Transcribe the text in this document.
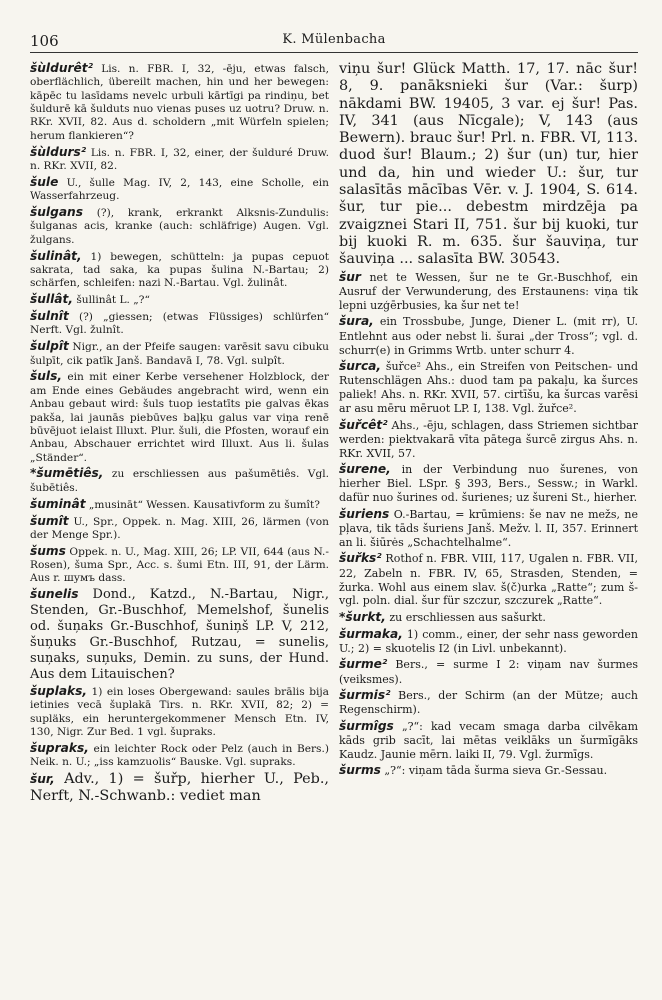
106	K. Mülenbacha

šùldurêt² Lis. n. FBR. I, 32, -ēju, etwas falsch, oberflächlich, übereilt machen, hin und her bewegen: kāpēc tu lasīdams nevelc urbuli kārtīgi pa rindiņu, bet šuldurē kā šulduts nuo vienas puses uz uotru? Druw. n. RKr. XVII, 82. Aus d. scholdern „mit Würfeln spielen; herum flankieren“?

šùldurs² Lis. n. FBR. I, 32, einer, der šulduré Druw. n. RKr. XVII, 82.

šule U., šulle Mag. IV, 2, 143, eine Scholle, ein Wasserfahrzeug.

šulgans (?), krank, erkrankt Alksnis-Zundulis: šulganas acis, kranke (auch: schläfrige) Augen. Vgl. žulgans.

šulinât, 1) bewegen, schütteln: ja pupas cepuot sakrata, tad saka, ka pupas šulina N.-Bartau; 2) schärfen, schleifen: nazi N.-Bartau. Vgl. žulinât.

šullât, šullinât L. „?“

šulnît (?) „giessen; (etwas Flüssiges) schlürfen“ Nerft. Vgl. žulnît.

šulpît Nigr., an der Pfeife saugen: varēsit savu cibuku šulpīt, cik patīk Janš. Bandavā I, 78. Vgl. sulpît.

šuls, ein mit einer Kerbe versehener Holzblock, der am Ende eines Gebäudes angebracht wird, wenn ein Anbau gebaut wird: šuls tuop iestatīts pie galvas ēkas pakša, lai jaunās piebūves baļķu galus var viņa renē būvējuot ielaist Illuxt. Plur. šuli, die Pfosten, worauf ein Anbau, Abschauer errichtet wird Illuxt. Aus li. šulas „Ständer“.

*šumētiês, zu erschliessen aus pašumētiês. Vgl. šubētiês.

šuminât „musināt“ Wessen. Kausativform zu šumît?

šumît U., Spr., Oppek. n. Mag. XIII, 26, lärmen (von der Menge Spr.).

šums Oppek. n. U., Mag. XIII, 26; LP. VII, 644 (aus N.-Rosen), šuma Spr., Acc. s. šumi Etn. III, 91, der Lärm. Aus r. шумъ dass.

šunelis Dond., Katzd., N.-Bartau, Nigr., Stenden, Gr.-Buschhof, Memelshof, šunelis od. šuņaks Gr.-Buschhof, šuniņš LP. V, 212, šuņuks Gr.-Buschhof, Rutzau, = sunelis, suņaks, suņuks, Demin. zu suns, der Hund. Aus dem Litauischen?

šuplaks, 1) ein loses Obergewand: saules brālis bija ietinies vecā šuplakā Tirs. n. RKr. XVII, 82; 2) = supläks, ein heruntergekommener Mensch Etn. IV, 130, Nigr. Zur Bed. 1 vgl. šupraks.

šupraks, ein leichter Rock oder Pelz (auch in Bers.) Neik. n. U.; „iss kamzuolis“ Bauske. Vgl. supraks.

šur, Adv., 1) = šuřp, hierher U., Peb., Nerft, N.-Schwanb.: vediet man

viņu šur! Glück Matth. 17, 17. nāc šur! 8, 9. panāksnieki šur (Var.: šurp) nākdami BW. 19405, 3 var. ej šur! Pas. IV, 341 (aus Nīcgale); V, 143 (aus Bewern). brauc šur! Prl. n. FBR. VI, 113. duod šur! Blaum.; 2) šur (un) tur, hier und da, hin und wieder U.: šur, tur salasītās mācības Vēr. v. J. 1904, S. 614. šur, tur pie... debestm mirdzēja pa zvaigznei Stari II, 751. šur bij kuoki, tur bij kuoki R. m. 635. šur šauviņa, tur šauviņa ... salasīta BW. 30543.

šur net te Wessen, šur ne te Gr.-Buschhof, ein Ausruf der Verwunderung, des Erstaunens: viņa tik lepni uzģērbusies, ka šur net te!

šura, ein Trossbube, Junge, Diener L. (mit rr), U. Entlehnt aus oder nebst li. šurai „der Tross“; vgl. d. schurr(e) in Grimms Wrtb. unter schurr 4.

šurca, šuřce² Ahs., ein Streifen von Peitschen- und Rutenschlägen Ahs.: duod tam pa pakaļu, ka šurces paliek! Ahs. n. RKr. XVII, 57. cirtīšu, ka šurcas varēsi ar asu mēru mēruot LP. I, 138. Vgl. žuřce².

šuřcêt² Ahs., -ēju, schlagen, dass Striemen sichtbar werden: piektvakarā vīta pātega šurcē zirgus Ahs. n. RKr. XVII, 57.

šurene, in der Verbindung nuo šurenes, von hierher Biel. LSpr. § 393, Bers., Sessw.; in Warkl. dafür nuo šurines od. šurienes; uz šureni St., hierher.

šuriens O.-Bartau, = krūmiens: še nav ne mežs, ne pļava, tik tāds šuriens Janš. Mežv. l. II, 357. Erinnert an li. šiūrės „Schachtelhalme“.

šuřks² Rothof n. FBR. VIII, 117, Ugalen n. FBR. VII, 22, Zabeln n. FBR. IV, 65, Strasden, Stenden, = žurka. Wohl aus einem slav. š(č)urka „Ratte“; zum š- vgl. poln. dial. šur für szczur, szczurek „Ratte“.

*šurkt, zu erschliessen aus sašurkt.

šurmaka, 1) comm., einer, der sehr nass geworden U.; 2) = skuotelis I2 (in Livl. unbekannt).

šurme² Bers., = surme I 2: viņam nav šurmes (veiksmes).

šurmis² Bers., der Schirm (an der Mütze; auch Regenschirm).

šurmîgs „?“: kad vecam smaga darba cilvēkam kāds grib sacīt, lai mētas veiklāks un šurmīgāks Kaudz. Jaunie mērn. laiki II, 79. Vgl. žurmīgs.

šurms „?“: viņam tāda šurma sieva Gr.-Sessau.
